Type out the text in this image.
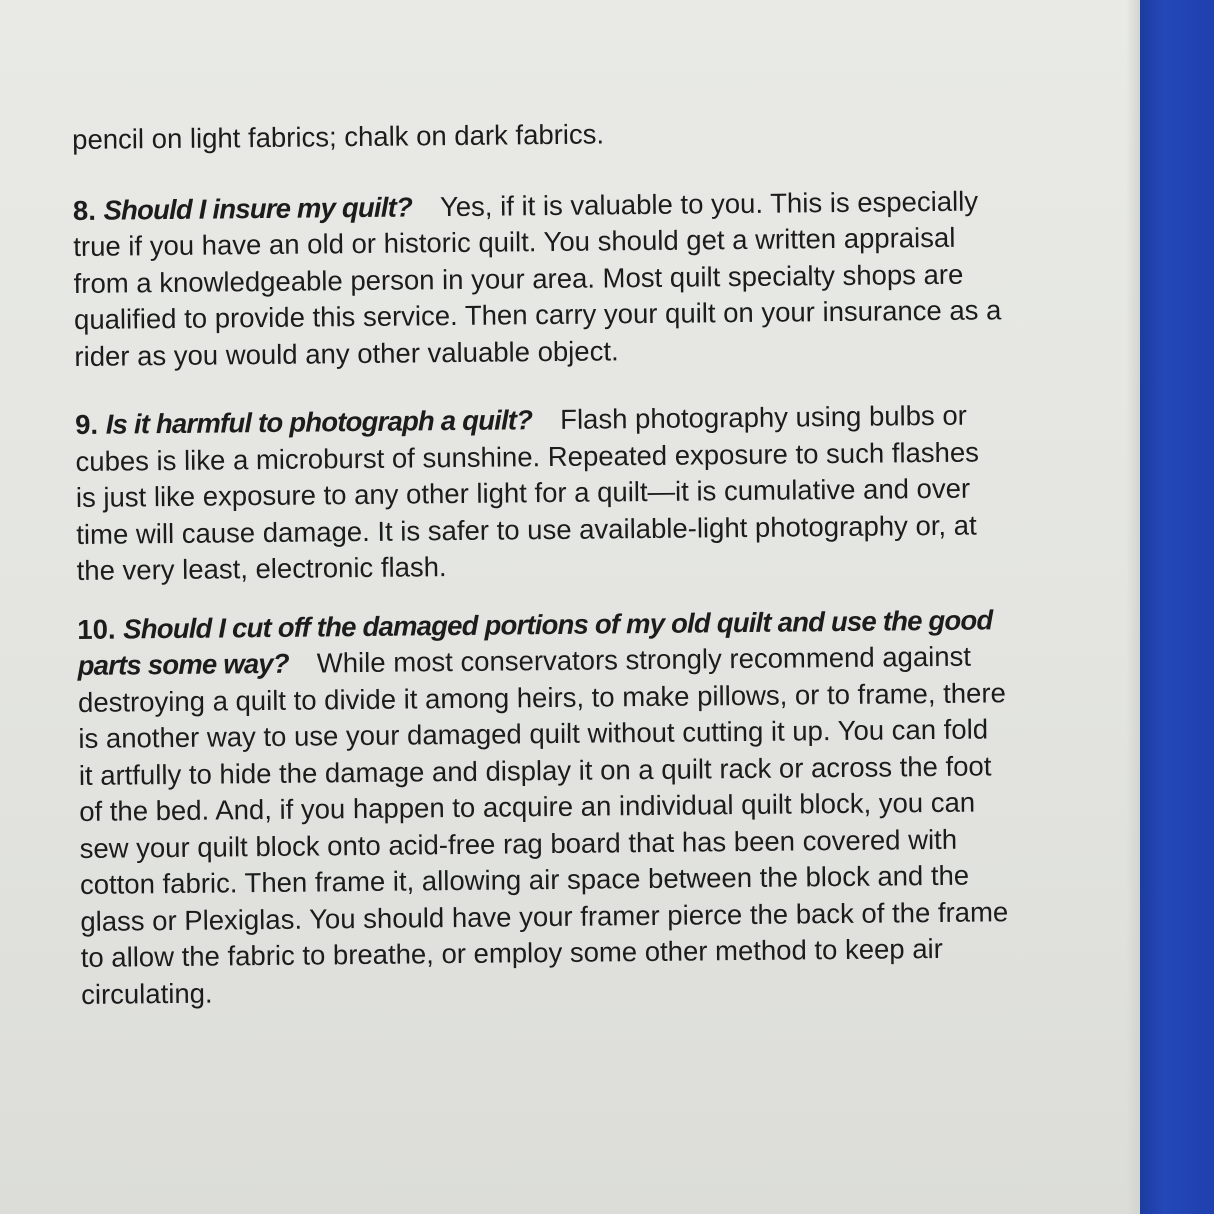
pencil on light fabrics; chalk on dark fabrics.

8. Should I insure my quilt? Yes, if it is valuable to you. This is especially true if you have an old or historic quilt. You should get a written appraisal from a knowledgeable person in your area. Most quilt specialty shops are qualified to provide this service. Then carry your quilt on your insurance as a rider as you would any other valuable object.

9. Is it harmful to photograph a quilt? Flash photography using bulbs or cubes is like a microburst of sunshine. Repeated exposure to such flashes is just like exposure to any other light for a quilt—it is cumulative and over time will cause damage. It is safer to use available-light photography or, at the very least, electronic flash.

10. Should I cut off the damaged portions of my old quilt and use the good parts some way? While most conservators strongly recommend against destroying a quilt to divide it among heirs, to make pillows, or to frame, there is another way to use your damaged quilt without cutting it up. You can fold it artfully to hide the damage and display it on a quilt rack or across the foot of the bed. And, if you happen to acquire an individual quilt block, you can sew your quilt block onto acid-free rag board that has been covered with cotton fabric. Then frame it, allowing air space between the block and the glass or Plexiglas. You should have your framer pierce the back of the frame to allow the fabric to breathe, or employ some other method to keep air circulating.
